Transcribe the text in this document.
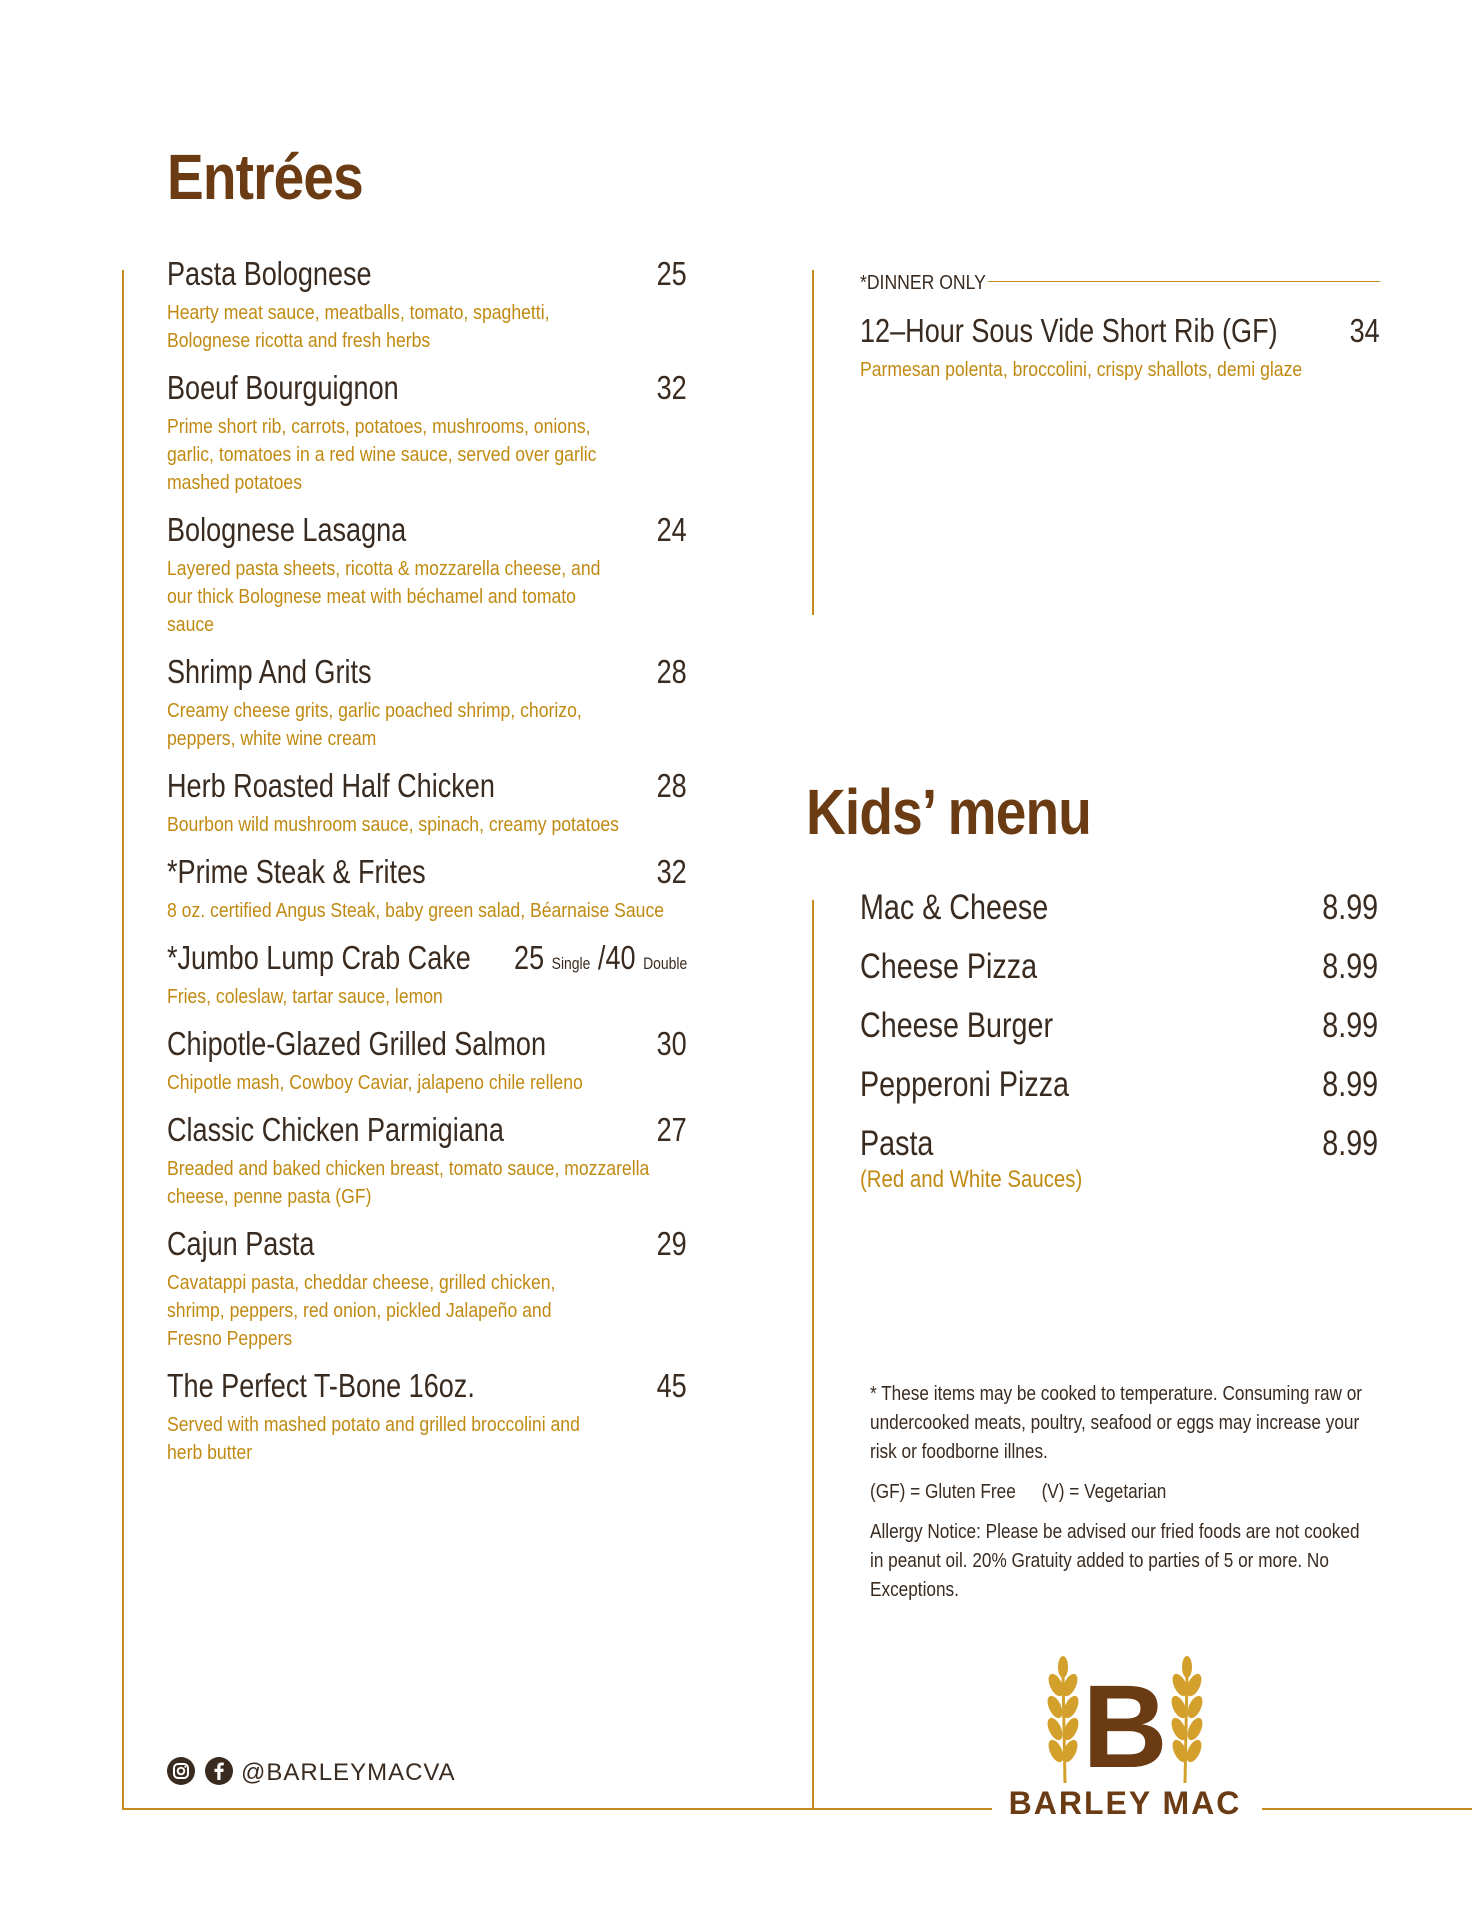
Entrées
Pasta Bolognese	25

Hearty meat sauce, meatballs, tomato, spaghetti,

Bolognese ricotta and fresh herbs

Boeuf Bourguignon	32

Prime short rib, carrots, potatoes, mushrooms, onions,

garlic, tomatoes in a red wine sauce, served over garlic

mashed potatoes

Bolognese Lasagna	24

Layered pasta sheets, ricotta & mozzarella cheese, and

our thick Bolognese meat with béchamel and tomato

sauce

Shrimp And Grits	28

Creamy cheese grits, garlic poached shrimp, chorizo,

peppers, white wine cream

Herb Roasted Half Chicken	28

Bourbon wild mushroom sauce, spinach, creamy potatoes

*Prime Steak & Frites	32

8 oz. certified Angus Steak, baby green salad, Béarnaise Sauce

*Jumbo Lump Crab Cake 25 Single /40 Double

Fries, coleslaw, tartar sauce, lemon

Chipotle-Glazed Grilled Salmon	30

Chipotle mash, Cowboy Caviar, jalapeno chile relleno

Classic Chicken Parmigiana	27

Breaded and baked chicken breast, tomato sauce, mozzarella

cheese, penne pasta (GF)

Cajun Pasta	29

Cavatappi pasta, cheddar cheese, grilled chicken,

shrimp, peppers, red onion, pickled Jalapeño and

Fresno Peppers

The Perfect T-Bone 16oz.	45

Served with mashed potato and grilled broccolini and

herb butter

*DINNER ONLY
12–Hour Sous Vide Short Rib (GF) 34

Parmesan polenta, broccolini, crispy shallots, demi glaze

Kids’ menu
Mac & Cheese	8.99
Cheese Pizza	8.99
Cheese Burger	8.99
Pepperoni Pizza	8.99
Pasta	8.99
(Red and White Sauces)

* These items may be cooked to temperature. Consuming raw or
undercooked meats, poultry, seafood or eggs may increase your
risk or foodborne illnes.

(GF) = Gluten Free (V) = Vegetarian

Allergy Notice: Please be advised our fried foods are not cooked
in peanut oil. 20% Gratuity added to parties of 5 or more. No
Exceptions.

@BARLEYMACVA	B
BARLEY MAC
